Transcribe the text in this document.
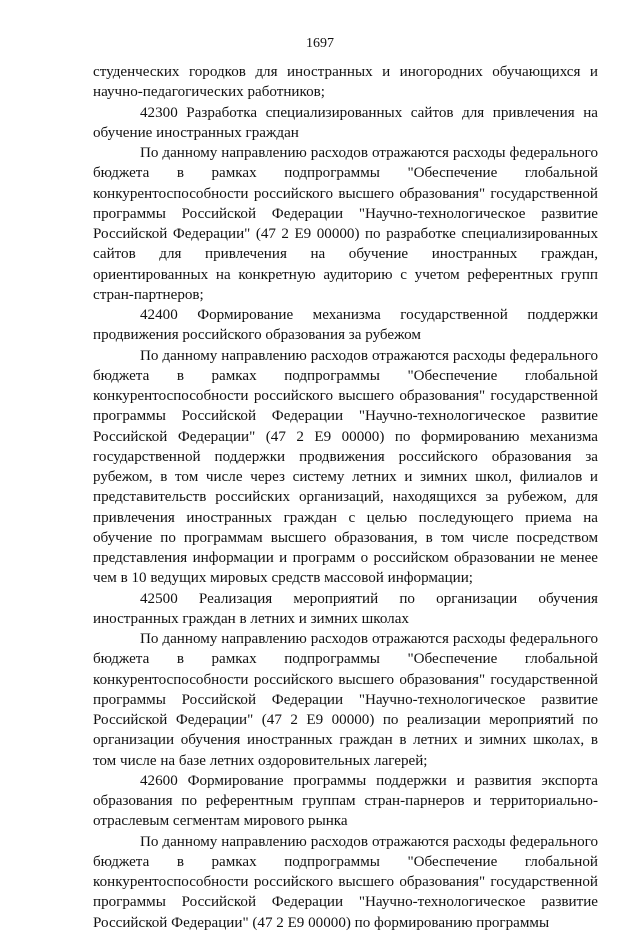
1697

студенческих городков для иностранных и иногородних обучающихся и научно-педагогических работников;

42300 Разработка специализированных сайтов для привлечения на обучение иностранных граждан

По данному направлению расходов отражаются расходы федерального бюджета в рамках подпрограммы "Обеспечение глобальной конкурентоспособности российского высшего образования" государственной программы Российской Федерации "Научно-технологическое развитие Российской Федерации" (47 2 Е9 00000) по разработке специализированных сайтов для привлечения на обучение иностранных граждан, ориентированных на конкретную аудиторию с учетом референтных групп стран-партнеров;

42400 Формирование механизма государственной поддержки продвижения российского образования за рубежом

По данному направлению расходов отражаются расходы федерального бюджета в рамках подпрограммы "Обеспечение глобальной конкурентоспособности российского высшего образования" государственной программы Российской Федерации "Научно-технологическое развитие Российской Федерации" (47 2 Е9 00000) по формированию механизма государственной поддержки продвижения российского образования за рубежом, в том числе через систему летних и зимних школ, филиалов и представительств российских организаций, находящихся за рубежом, для привлечения иностранных граждан с целью последующего приема на обучение по программам высшего образования, в том числе посредством представления информации и программ о российском образовании не менее чем в 10 ведущих мировых средств массовой информации;

42500 Реализация мероприятий по организации обучения иностранных граждан в летних и зимних школах

По данному направлению расходов отражаются расходы федерального бюджета в рамках подпрограммы "Обеспечение глобальной конкурентоспособности российского высшего образования" государственной программы Российской Федерации "Научно-технологическое развитие Российской Федерации" (47 2 Е9 00000) по реализации мероприятий по организации обучения иностранных граждан в летних и зимних школах, в том числе на базе летних оздоровительных лагерей;

42600 Формирование программы поддержки и развития экспорта образования по референтным группам стран-парнеров и территориально-отраслевым сегментам мирового рынка

По данному направлению расходов отражаются расходы федерального бюджета в рамках подпрограммы "Обеспечение глобальной конкурентоспособности российского высшего образования" государственной программы Российской Федерации "Научно-технологическое развитие Российской Федерации" (47 2 Е9 00000) по формированию программы
